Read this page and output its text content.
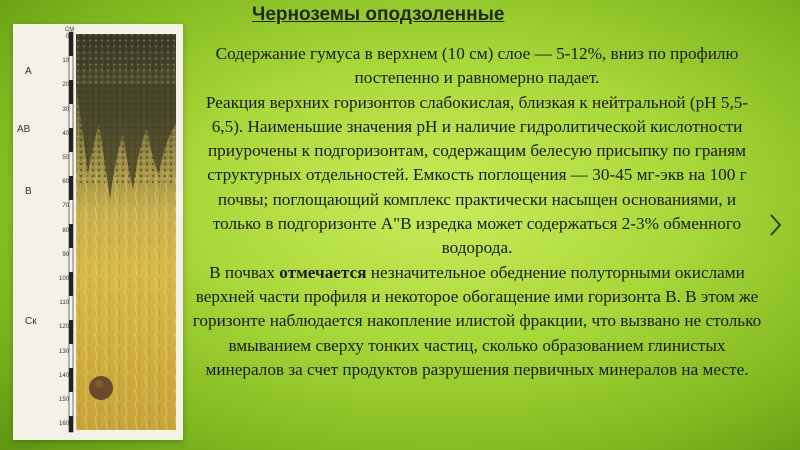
СМ
A
AB
B
Cк
0
10
20
30
40
50
60
70
80
90
100
110
120
130
140
150
160
Черноземы оподзоленные

Содержание гумуса в верхнем (10 см) слое — 5-12%, вниз по профилю постепенно и равномерно падает.

Реакция верхних горизонтов слабокислая, близкая к нейтральной (pH 5,5-6,5). Наименьшие значения pH и наличие гидролитической кислотности приурочены к подгоризонтам, содержащим белесую присыпку по граням структурных отдельностей. Емкость поглощения — 30-45 мг-экв на 100 г почвы; поглощающий комплекс практически насыщен основаниями, и только в подгоризонте А"В изредка может содержаться 2-3% обменного водорода.

В почвах отмечается незначительное обеднение полуторными окислами верхней части профиля и некоторое обогащение ими горизонта В. В этом же горизонте наблюдается накопление илистой фракции, что вызвано не столько вмыванием сверху тонких частиц, сколько образованием глинистых минералов за счет продуктов разрушения первичных минералов на месте.
